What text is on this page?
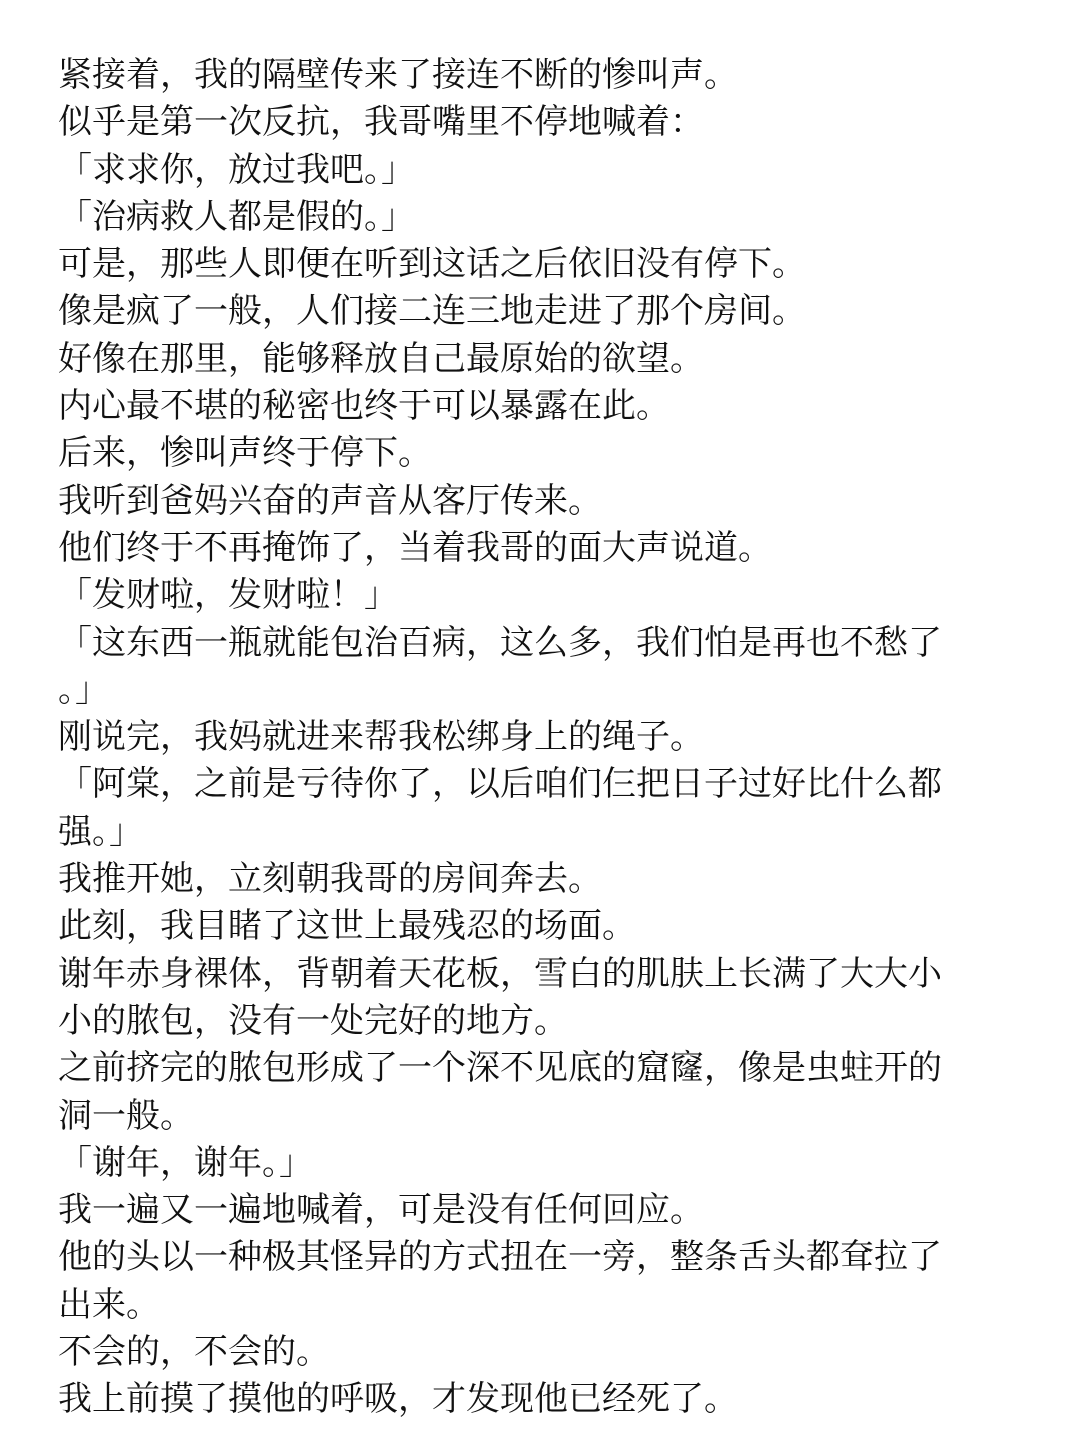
紧接着，我的隔壁传来了接连不断的惨叫声。
似乎是第一次反抗，我哥嘴里不停地喊着：
「求求你，放过我吧。」
「治病救人都是假的。」
可是，那些人即便在听到这话之后依旧没有停下。
像是疯了一般，人们接二连三地走进了那个房间。
好像在那里，能够释放自己最原始的欲望。
内心最不堪的秘密也终于可以暴露在此。
后来，惨叫声终于停下。
我听到爸妈兴奋的声音从客厅传来。
他们终于不再掩饰了，当着我哥的面大声说道。
「发财啦，发财啦！」
「这东西一瓶就能包治百病，这么多，我们怕是再也不愁了
。」
刚说完，我妈就进来帮我松绑身上的绳子。
「阿棠，之前是亏待你了，以后咱们仨把日子过好比什么都
强。」
我推开她，立刻朝我哥的房间奔去。
此刻，我目睹了这世上最残忍的场面。
谢年赤身裸体，背朝着天花板，雪白的肌肤上长满了大大小
小的脓包，没有一处完好的地方。
之前挤完的脓包形成了一个深不见底的窟窿，像是虫蛀开的
洞一般。
「谢年，谢年。」
我一遍又一遍地喊着，可是没有任何回应。
他的头以一种极其怪异的方式扭在一旁，整条舌头都耷拉了
出来。
不会的，不会的。
我上前摸了摸他的呼吸，才发现他已经死了。
